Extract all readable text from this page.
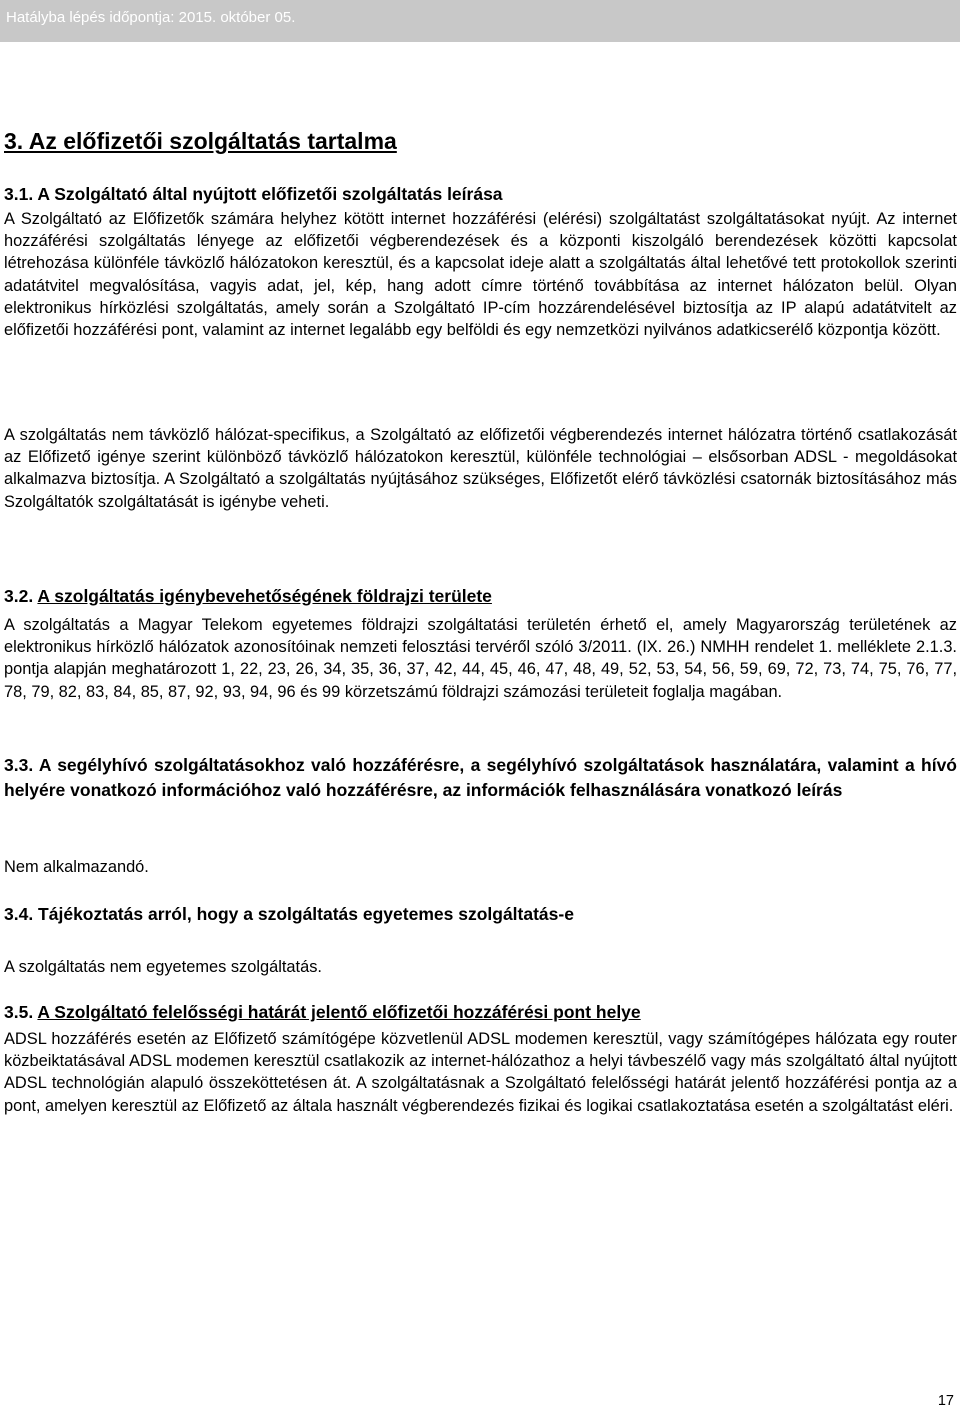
Hatályba lépés időpontja: 2015. október 05.
3. Az előfizetői szolgáltatás tartalma

3.1. A Szolgáltató által nyújtott előfizetői szolgáltatás leírása

A Szolgáltató az Előfizetők számára helyhez kötött internet hozzáférési (elérési) szolgáltatást szolgáltatásokat nyújt. Az internet hozzáférési szolgáltatás lényege az előfizetői végberendezések és a központi kiszolgáló berendezések közötti kapcsolat létrehozása különféle távközlő hálózatokon keresztül, és a kapcsolat ideje alatt a szolgáltatás által lehetővé tett protokollok szerinti adatátvitel megvalósítása, vagyis adat, jel, kép, hang adott címre történő továbbítása az internet hálózaton belül. Olyan elektronikus hírközlési szolgáltatás, amely során a Szolgáltató IP-cím hozzárendelésével biztosítja az IP alapú adatátvitelt az előfizetői hozzáférési pont, valamint az internet legalább egy belföldi és egy nemzetközi nyilvános adatkicserélő központja között.

A szolgáltatás nem távközlő hálózat-specifikus, a Szolgáltató az előfizetői végberendezés internet hálózatra történő csatlakozását az Előfizető igénye szerint különböző távközlő hálózatokon keresztül, különféle technológiai – elsősorban ADSL - megoldásokat alkalmazva biztosítja. A Szolgáltató a szolgáltatás nyújtásához szükséges, Előfizetőt elérő távközlési csatornák biztosításához más Szolgáltatók szolgáltatását is igénybe veheti.

3.2. A szolgáltatás igénybevehetőségének földrajzi területe

A szolgáltatás a Magyar Telekom egyetemes földrajzi szolgáltatási területén érhető el, amely Magyarország területének az elektronikus hírközlő hálózatok azonosítóinak nemzeti felosztási tervéről szóló 3/2011. (IX. 26.) NMHH rendelet 1. melléklete 2.1.3. pontja alapján meghatározott 1, 22, 23, 26, 34, 35, 36, 37, 42, 44, 45, 46, 47, 48, 49, 52, 53, 54, 56, 59, 69, 72, 73, 74, 75, 76, 77, 78, 79, 82, 83, 84, 85, 87, 92, 93, 94, 96 és 99 körzetszámú földrajzi számozási területeit foglalja magában.

3.3. A segélyhívó szolgáltatásokhoz való hozzáférésre, a segélyhívó szolgáltatások használatára, valamint a hívó helyére vonatkozó információhoz való hozzáférésre, az információk felhasználására vonatkozó leírás

Nem alkalmazandó.

3.4. Tájékoztatás arról, hogy a szolgáltatás egyetemes szolgáltatás-e

A szolgáltatás nem egyetemes szolgáltatás.

3.5. A Szolgáltató felelősségi határát jelentő előfizetői hozzáférési pont helye

ADSL hozzáférés esetén az Előfizető számítógépe közvetlenül ADSL modemen keresztül, vagy számítógépes hálózata egy router közbeiktatásával ADSL modemen keresztül csatlakozik az internet-hálózathoz a helyi távbeszélő vagy más szolgáltató által nyújtott ADSL technológián alapuló összeköttetésen át. A szolgáltatásnak a Szolgáltató felelősségi határát jelentő hozzáférési pontja az a pont, amelyen keresztül az Előfizető az általa használt végberendezés fizikai és logikai csatlakoztatása esetén a szolgáltatást eléri.

17
